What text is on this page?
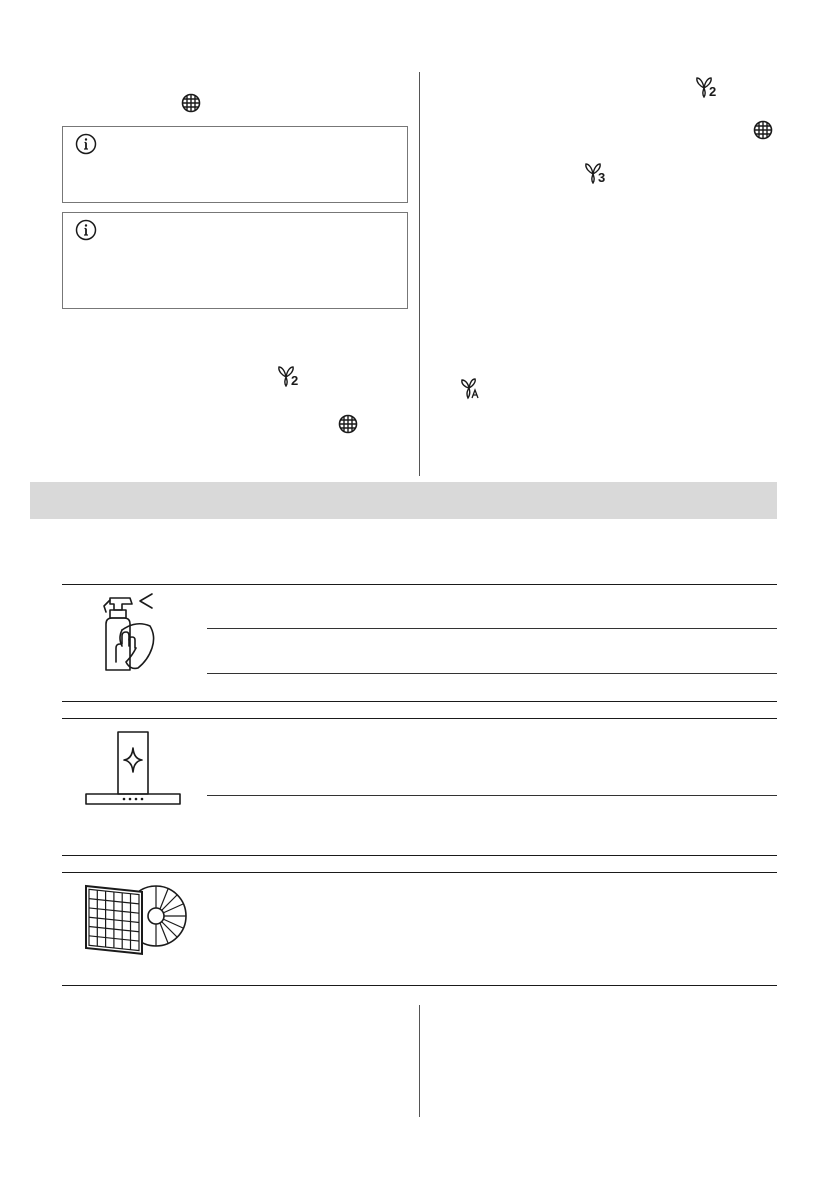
2
2
3
